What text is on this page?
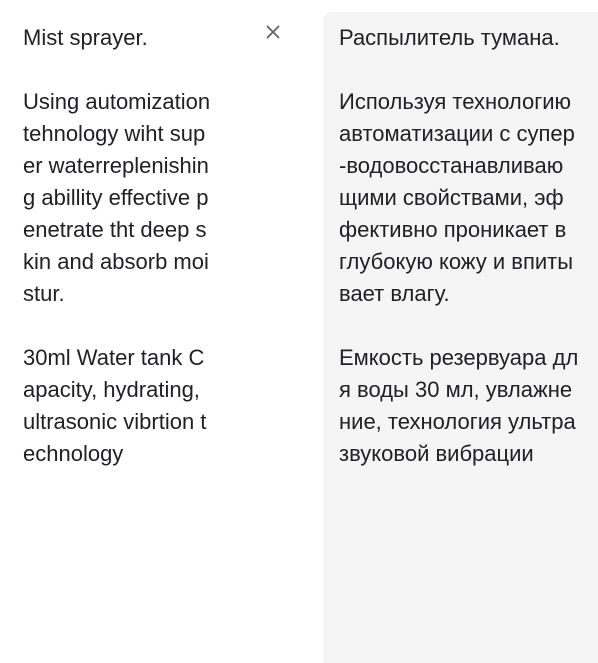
Mist sprayer.

Using automization tehnology wiht super waterreplenishing abillity effective penetrate tht deep skin and absorb moistur.

30ml Water tank Capacity, hydrating, ultrasonic vibrtion technology
Распылитель тумана.

Используя технологию автоматизации с супер-водовосстанавливающими свойствами, эффективно проникает в глубокую кожу и впитывает влагу.

Емкость резервуара для воды 30 мл, увлажнение, технология ультразвуковой вибрации
